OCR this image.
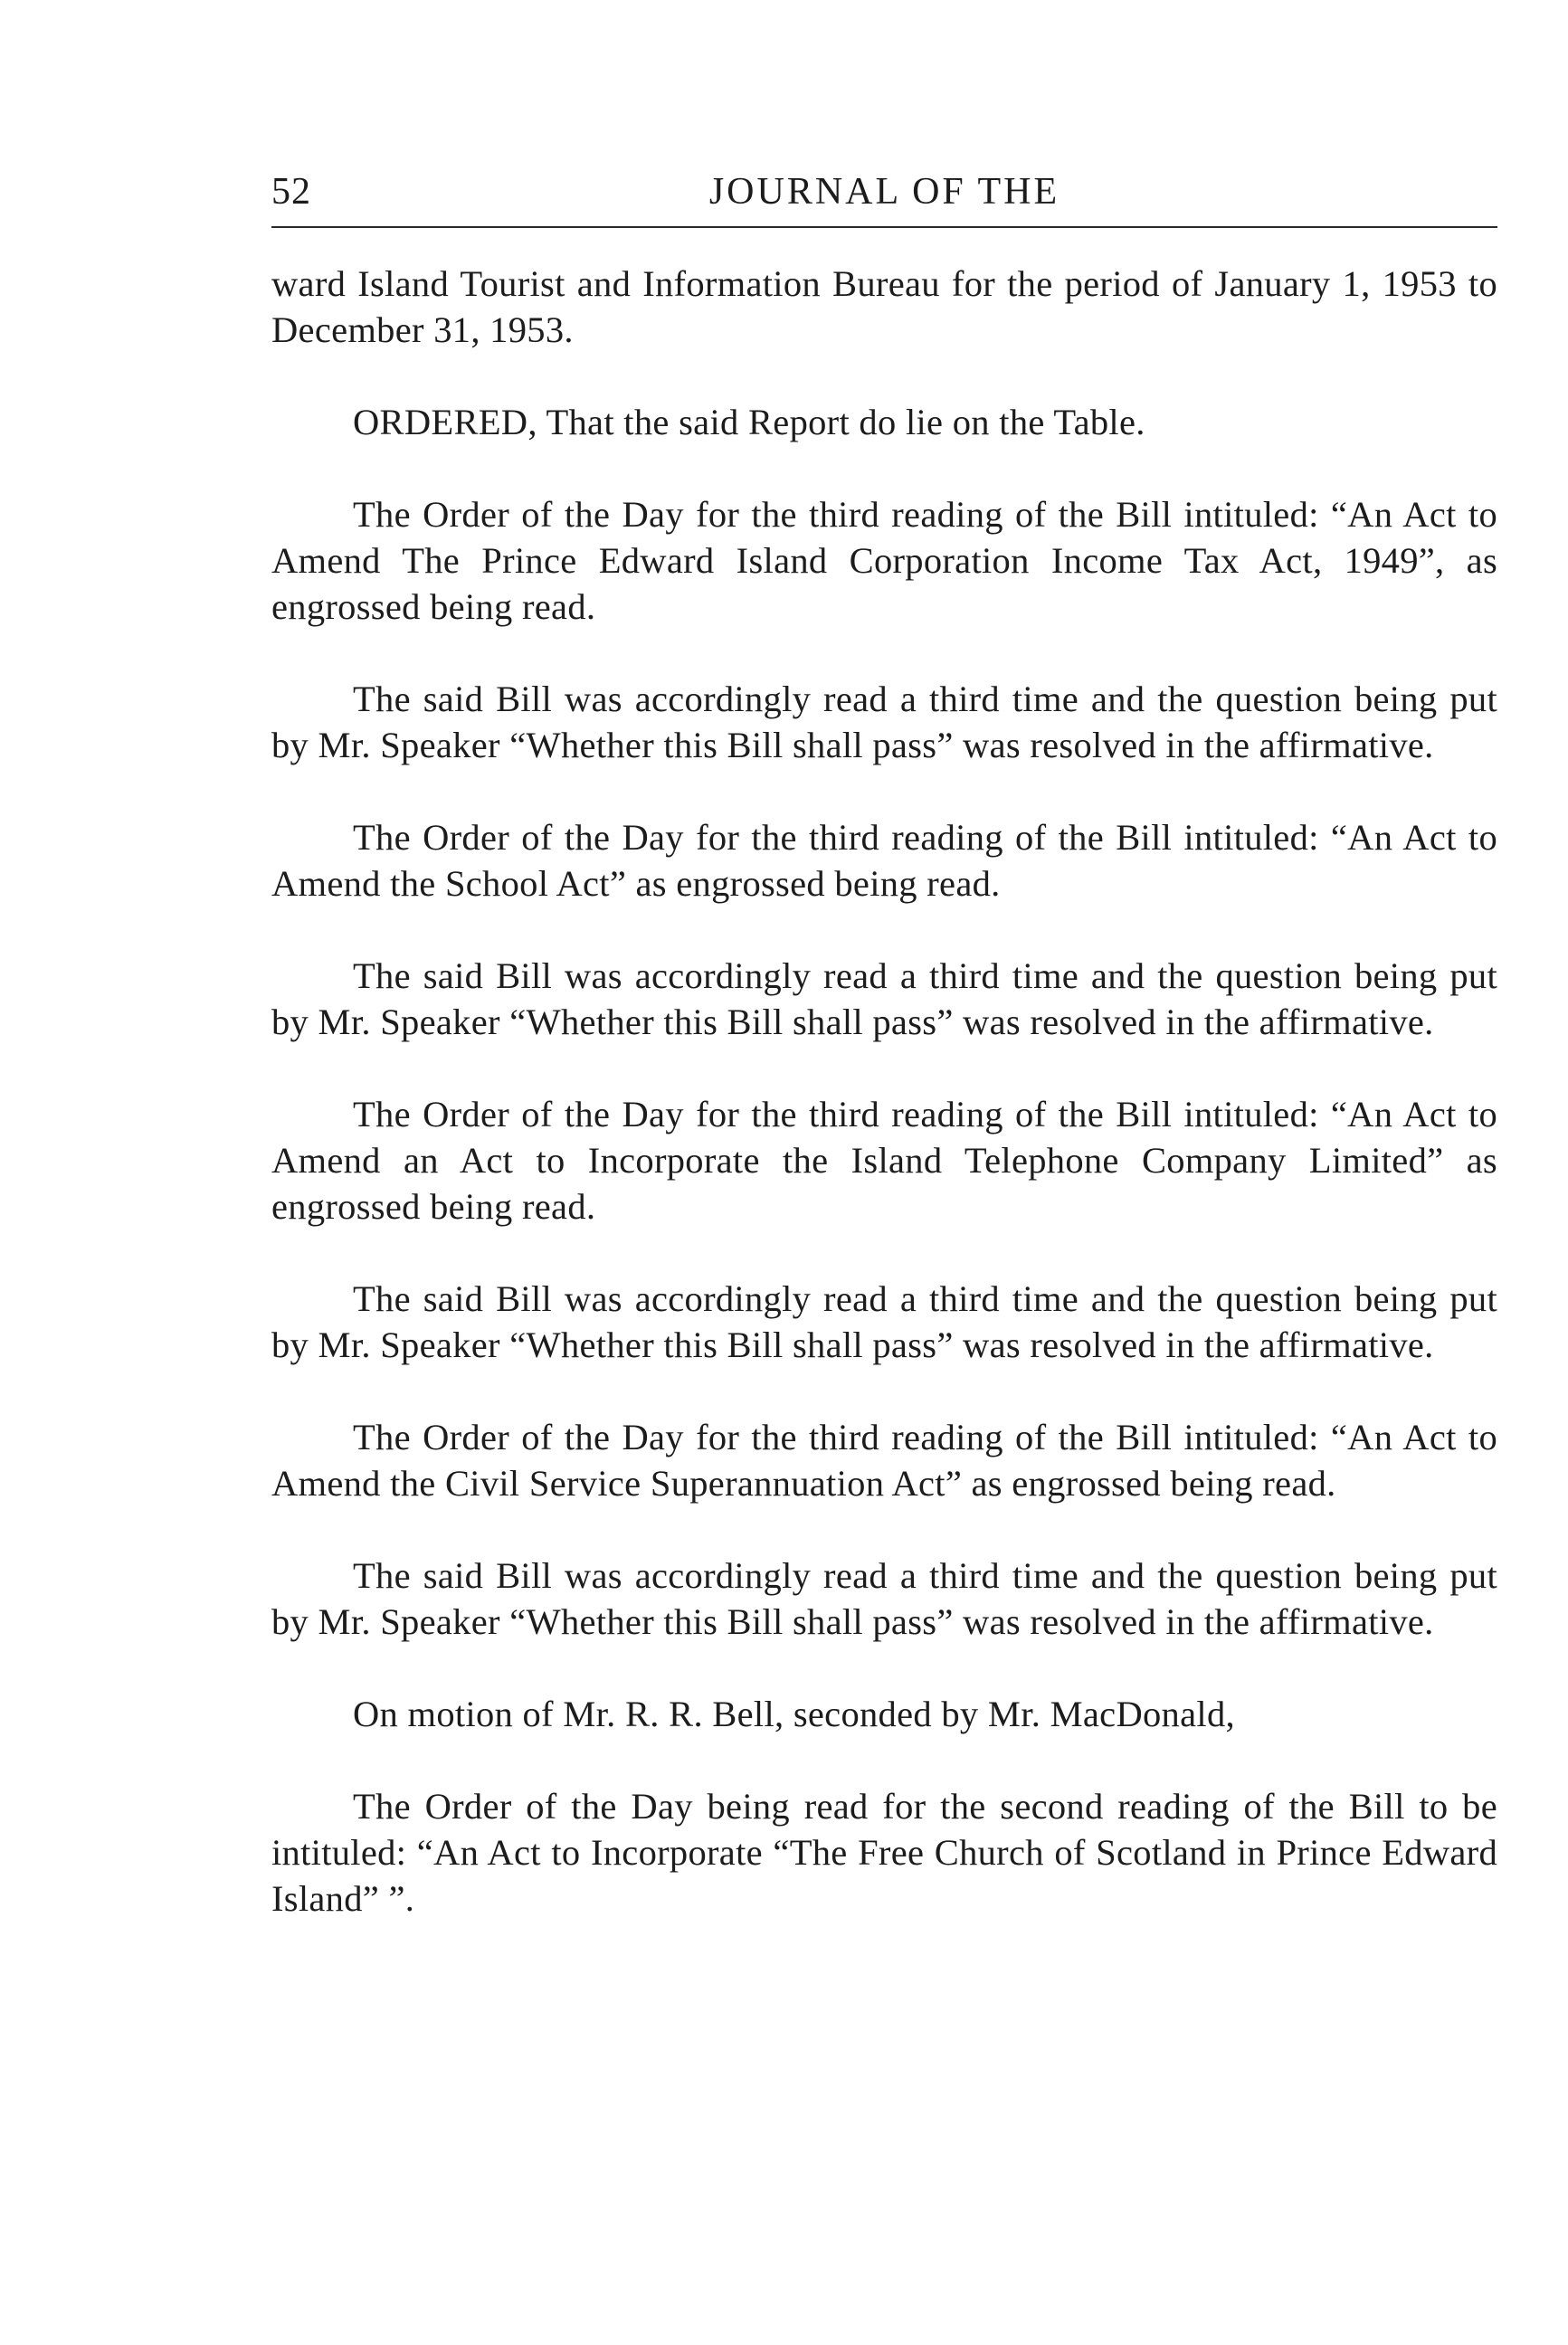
52	JOURNAL OF THE

ward Island Tourist and Information Bureau for the period of January 1, 1953 to December 31, 1953.

ORDERED, That the said Report do lie on the Table.

The Order of the Day for the third reading of the Bill intituled: “An Act to Amend The Prince Edward Island Corporation Income Tax Act, 1949”, as engrossed being read.

The said Bill was accordingly read a third time and the question being put by Mr. Speaker “Whether this Bill shall pass” was resolved in the affirmative.

The Order of the Day for the third reading of the Bill intituled: “An Act to Amend the School Act” as engrossed being read.

The said Bill was accordingly read a third time and the question being put by Mr. Speaker “Whether this Bill shall pass” was resolved in the affirmative.

The Order of the Day for the third reading of the Bill intituled: “An Act to Amend an Act to Incorporate the Island Telephone Company Limited” as engrossed being read.

The said Bill was accordingly read a third time and the question being put by Mr. Speaker “Whether this Bill shall pass” was resolved in the affirmative.

The Order of the Day for the third reading of the Bill intituled: “An Act to Amend the Civil Service Superannuation Act” as engrossed being read.

The said Bill was accordingly read a third time and the question being put by Mr. Speaker “Whether this Bill shall pass” was resolved in the affirmative.

On motion of Mr. R. R. Bell, seconded by Mr. MacDonald,

The Order of the Day being read for the second reading of the Bill to be intituled: “An Act to Incorporate “The Free Church of Scotland in Prince Edward Island” ”.
